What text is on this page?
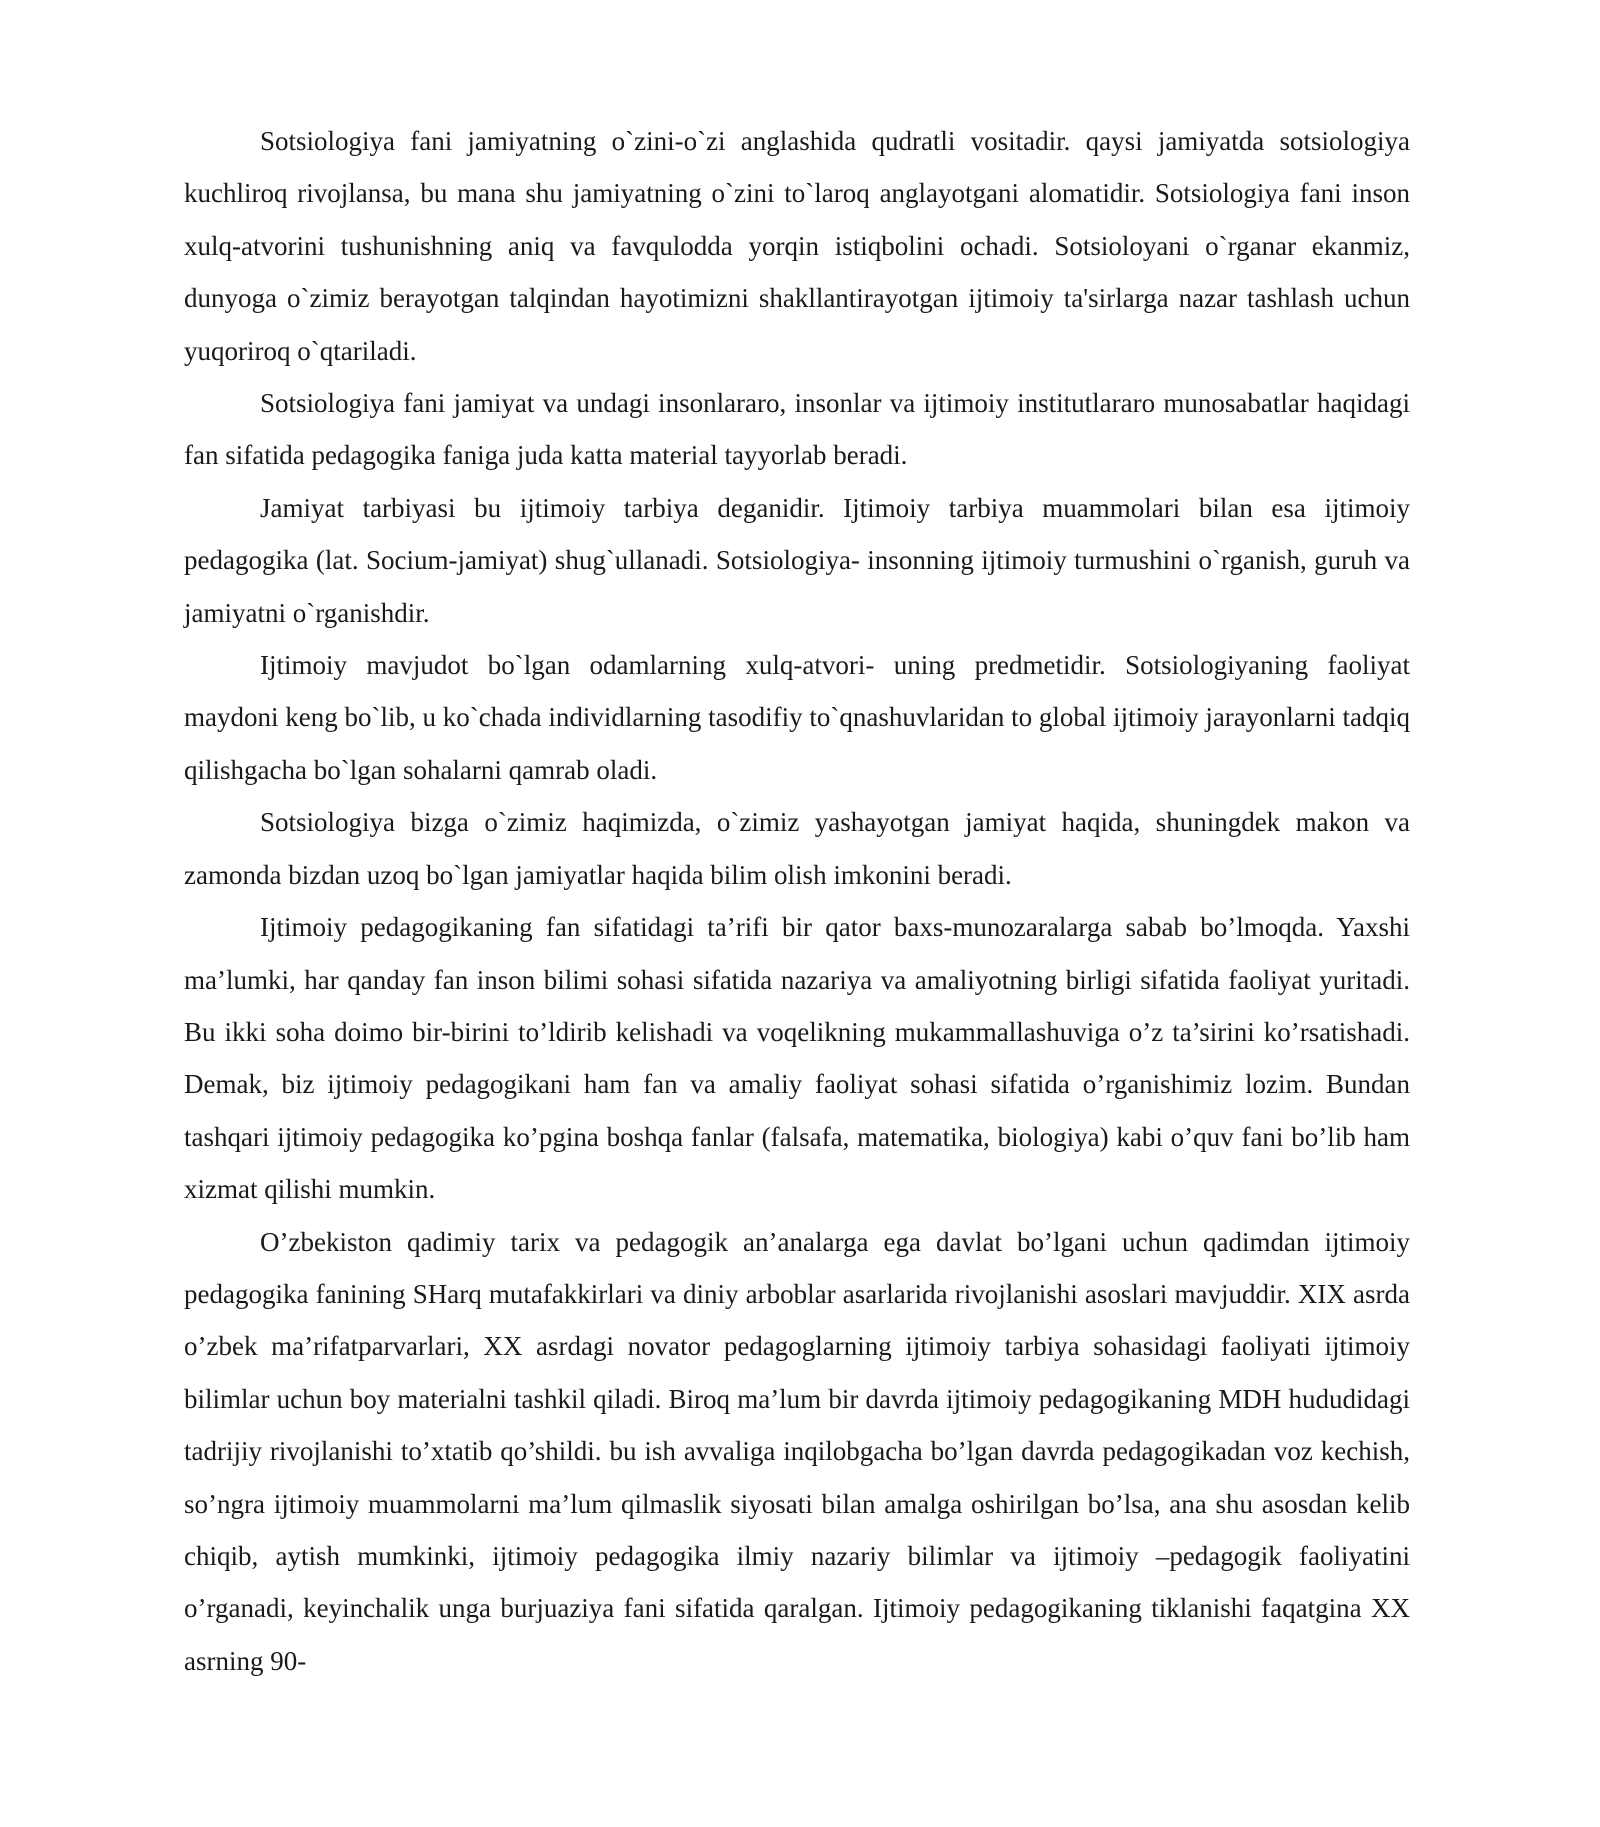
Sotsiologiya fani jamiyatning o`zini-o`zi anglashida qudratli vositadir. qaysi jamiyatda sotsiologiya kuchliroq rivojlansa, bu mana shu jamiyatning o`zini to`laroq anglayotgani alomatidir. Sotsiologiya fani inson xulq-atvorini tushunishning aniq va favqulodda yorqin istiqbolini ochadi. Sotsioloyani o`rganar ekanmiz, dunyoga o`zimiz berayotgan talqindan hayotimizni shakllantirayotgan ijtimoiy ta'sirlarga nazar tashlash uchun yuqoriroq o`qtariladi.

Sotsiologiya fani jamiyat va undagi insonlararo, insonlar va ijtimoiy institutlararo munosabatlar haqidagi fan sifatida pedagogika faniga juda katta material tayyorlab beradi.

Jamiyat tarbiyasi bu ijtimoiy tarbiya deganidir. Ijtimoiy tarbiya muammolari bilan esa ijtimoiy pedagogika (lat. Socium-jamiyat) shug`ullanadi. Sotsiologiya- insonning ijtimoiy turmushini o`rganish, guruh va jamiyatni o`rganishdir.

Ijtimoiy mavjudot bo`lgan odamlarning xulq-atvori- uning predmetidir. Sotsiologiyaning faoliyat maydoni keng bo`lib, u ko`chada individlarning tasodifiy to`qnashuvlaridan to global ijtimoiy jarayonlarni tadqiq qilishgacha bo`lgan sohalarni qamrab oladi.

Sotsiologiya bizga o`zimiz haqimizda, o`zimiz yashayotgan jamiyat haqida, shuningdek makon va zamonda bizdan uzoq bo`lgan jamiyatlar haqida bilim olish imkonini beradi.

Ijtimoiy pedagogikaning fan sifatidagi ta’rifi bir qator baxs-munozaralarga sabab bo’lmoqda. Yaxshi ma’lumki, har qanday fan inson bilimi sohasi sifatida nazariya va amaliyotning birligi sifatida faoliyat yuritadi. Bu ikki soha doimo bir-birini to’ldirib kelishadi va voqelikning mukammallashuviga o’z ta’sirini ko’rsatishadi. Demak, biz ijtimoiy pedagogikani ham fan va amaliy faoliyat sohasi sifatida o’rganishimiz lozim. Bundan tashqari ijtimoiy pedagogika ko’pgina boshqa fanlar (falsafa, matematika, biologiya) kabi o’quv fani bo’lib ham xizmat qilishi mumkin.

O’zbekiston qadimiy tarix va pedagogik an’analarga ega davlat bo’lgani uchun qadimdan ijtimoiy pedagogika fanining SHarq mutafakkirlari va diniy arboblar asarlarida rivojlanishi asoslari mavjuddir. XIX asrda o’zbek ma’rifatparvarlari, XX asrdagi novator pedagoglarning ijtimoiy tarbiya sohasidagi faoliyati ijtimoiy bilimlar uchun boy materialni tashkil qiladi. Biroq ma’lum bir davrda ijtimoiy pedagogikaning MDH hududidagi tadrijiy rivojlanishi to’xtatib qo’shildi. bu ish avvaliga inqilobgacha bo’lgan davrda pedagogikadan voz kechish, so’ngra ijtimoiy muammolarni ma’lum qilmaslik siyosati bilan amalga oshirilgan bo’lsa, ana shu asosdan kelib chiqib, aytish mumkinki, ijtimoiy pedagogika ilmiy nazariy bilimlar va ijtimoiy –pedagogik faoliyatini o’rganadi, keyinchalik unga burjuaziya fani sifatida qaralgan. Ijtimoiy pedagogikaning tiklanishi faqatgina XX asrning 90-
